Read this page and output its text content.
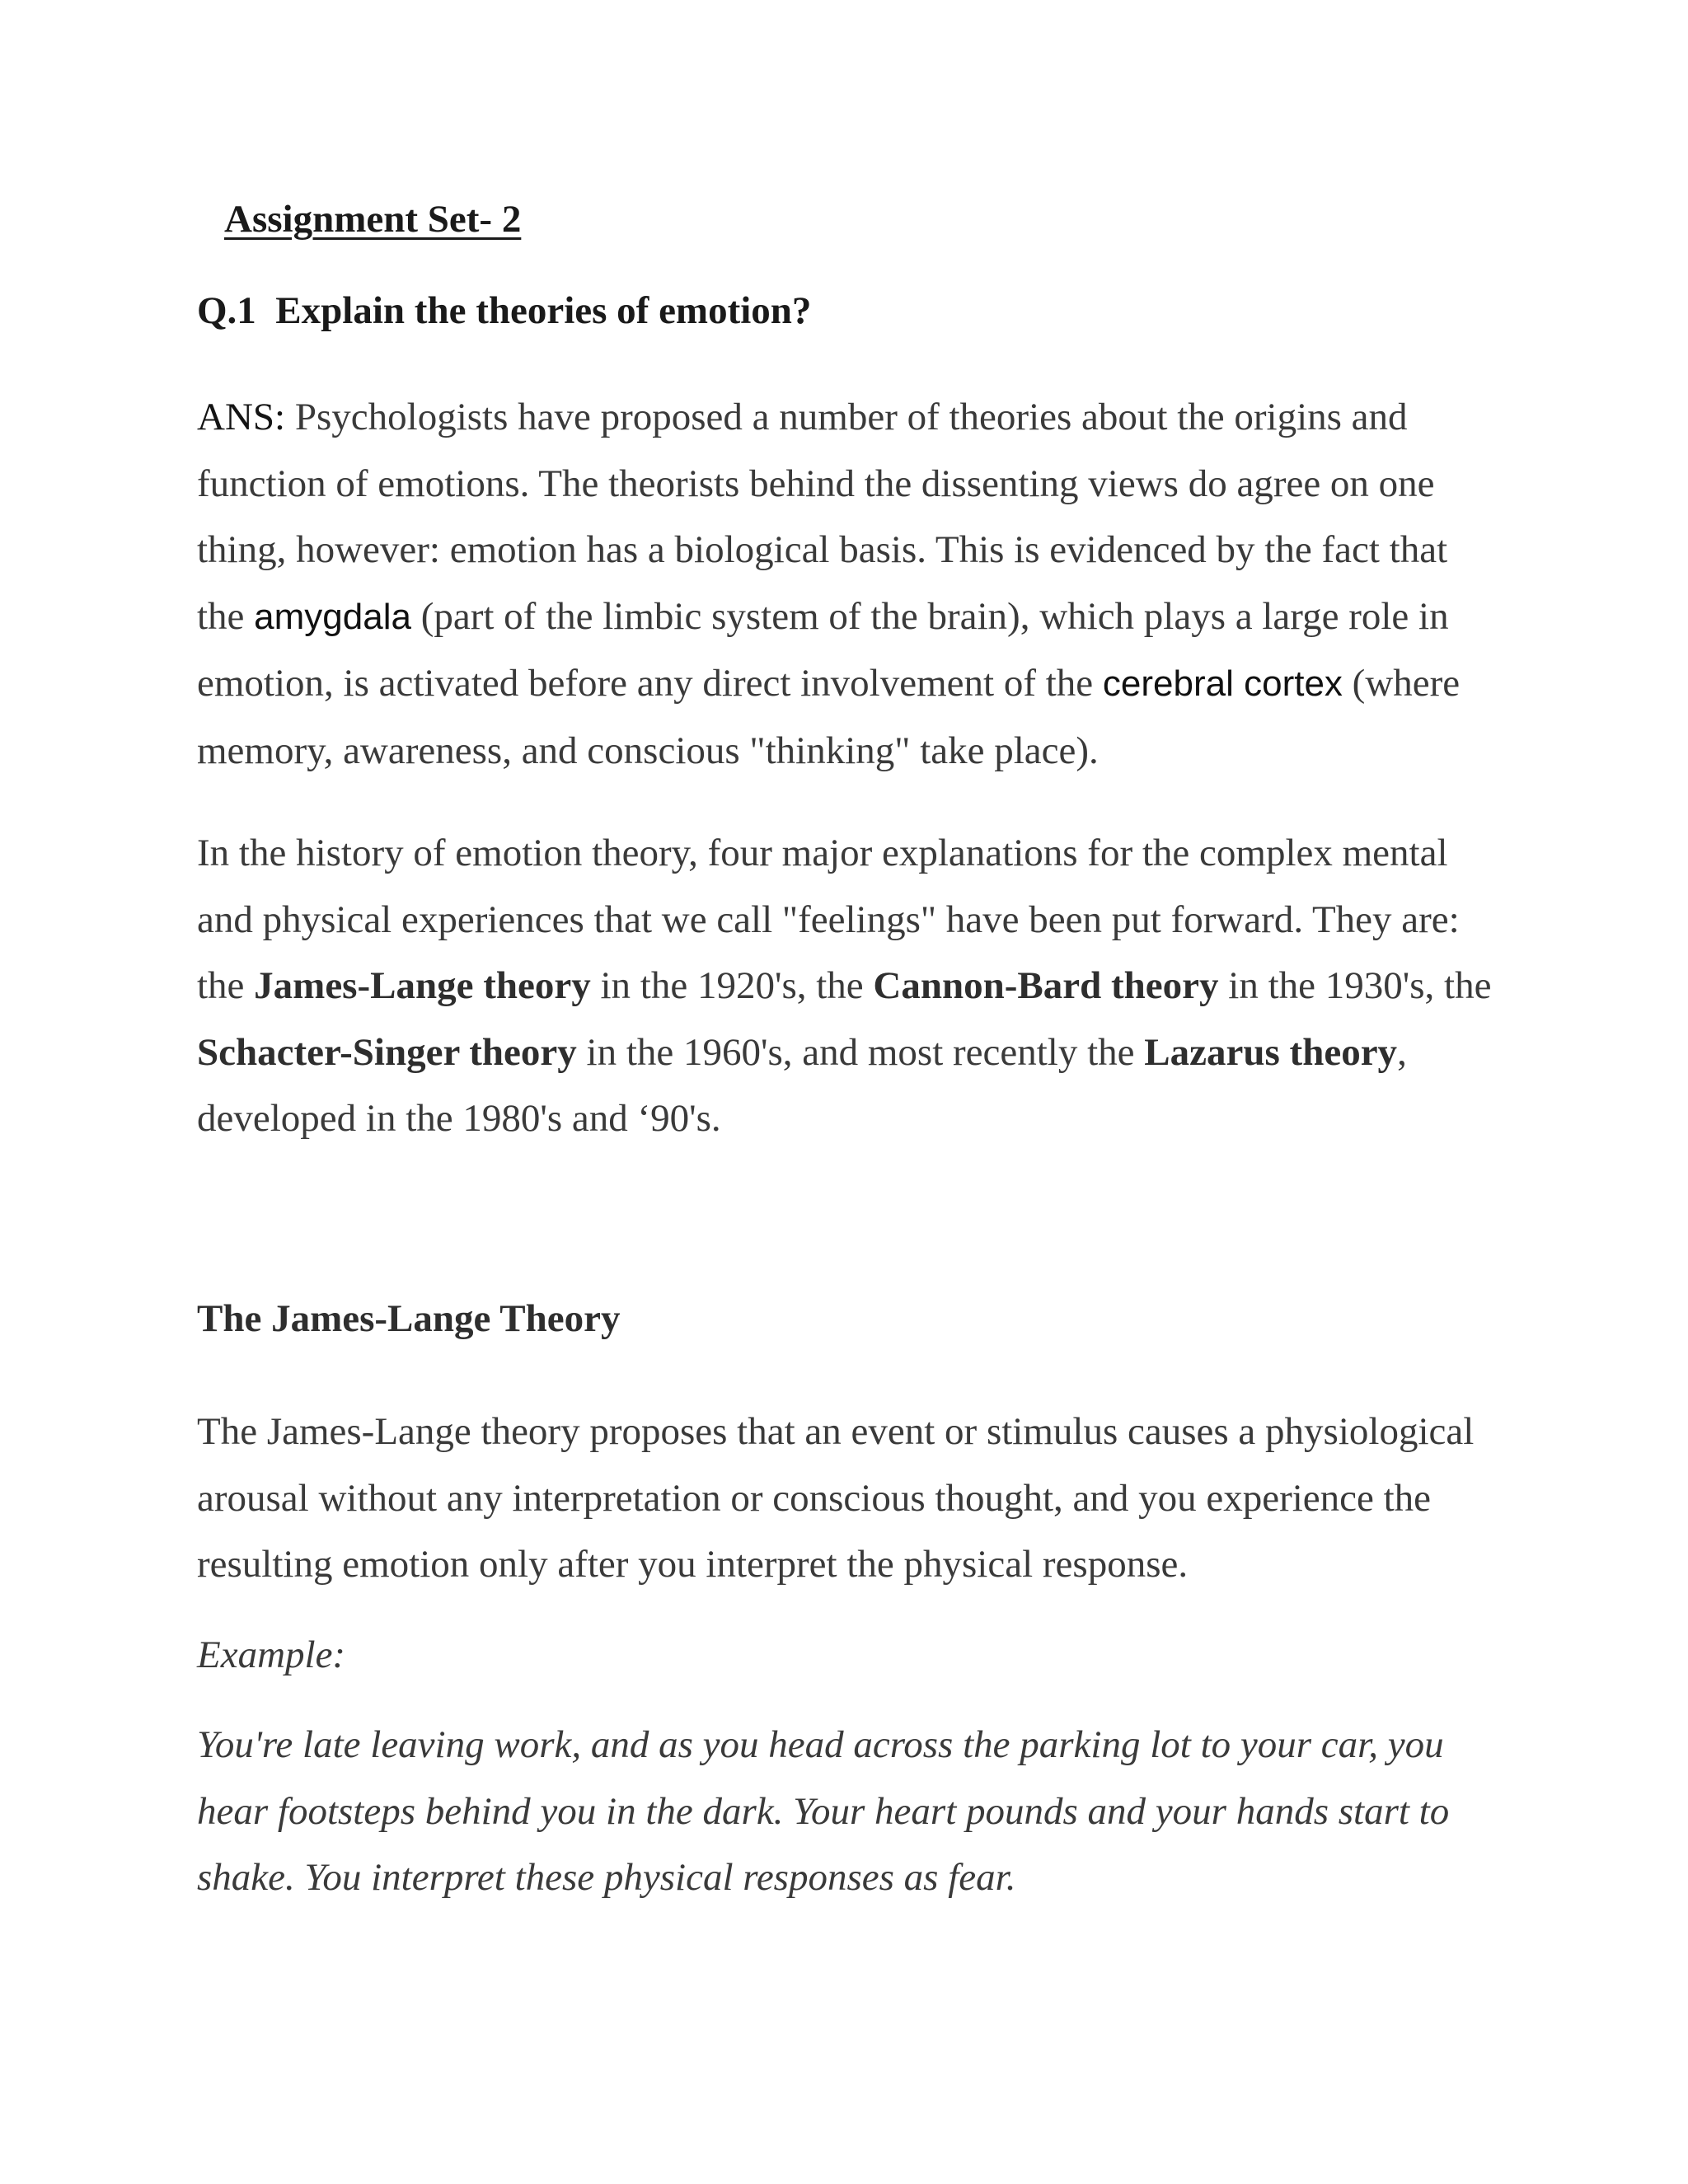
Assignment Set- 2
Q.1  Explain the theories of emotion?
ANS: Psychologists have proposed a number of theories about the origins and
function of emotions. The theorists behind the dissenting views do agree on one
thing, however: emotion has a biological basis. This is evidenced by the fact that
the amygdala (part of the limbic system of the brain), which plays a large role in
emotion, is activated before any direct involvement of the cerebral cortex (where
memory, awareness, and conscious "thinking" take place).
In the history of emotion theory, four major explanations for the complex mental
and physical experiences that we call "feelings" have been put forward. They are:
the James-Lange theory in the 1920's, the Cannon-Bard theory in the 1930's, the
Schacter-Singer theory in the 1960's, and most recently the Lazarus theory,
developed in the 1980's and ‘90's.
The James-Lange Theory
The James-Lange theory proposes that an event or stimulus causes a physiological
arousal without any interpretation or conscious thought, and you experience the
resulting emotion only after you interpret the physical response.
Example:
You're late leaving work, and as you head across the parking lot to your car, you
hear footsteps behind you in the dark. Your heart pounds and your hands start to
shake. You interpret these physical responses as fear.
